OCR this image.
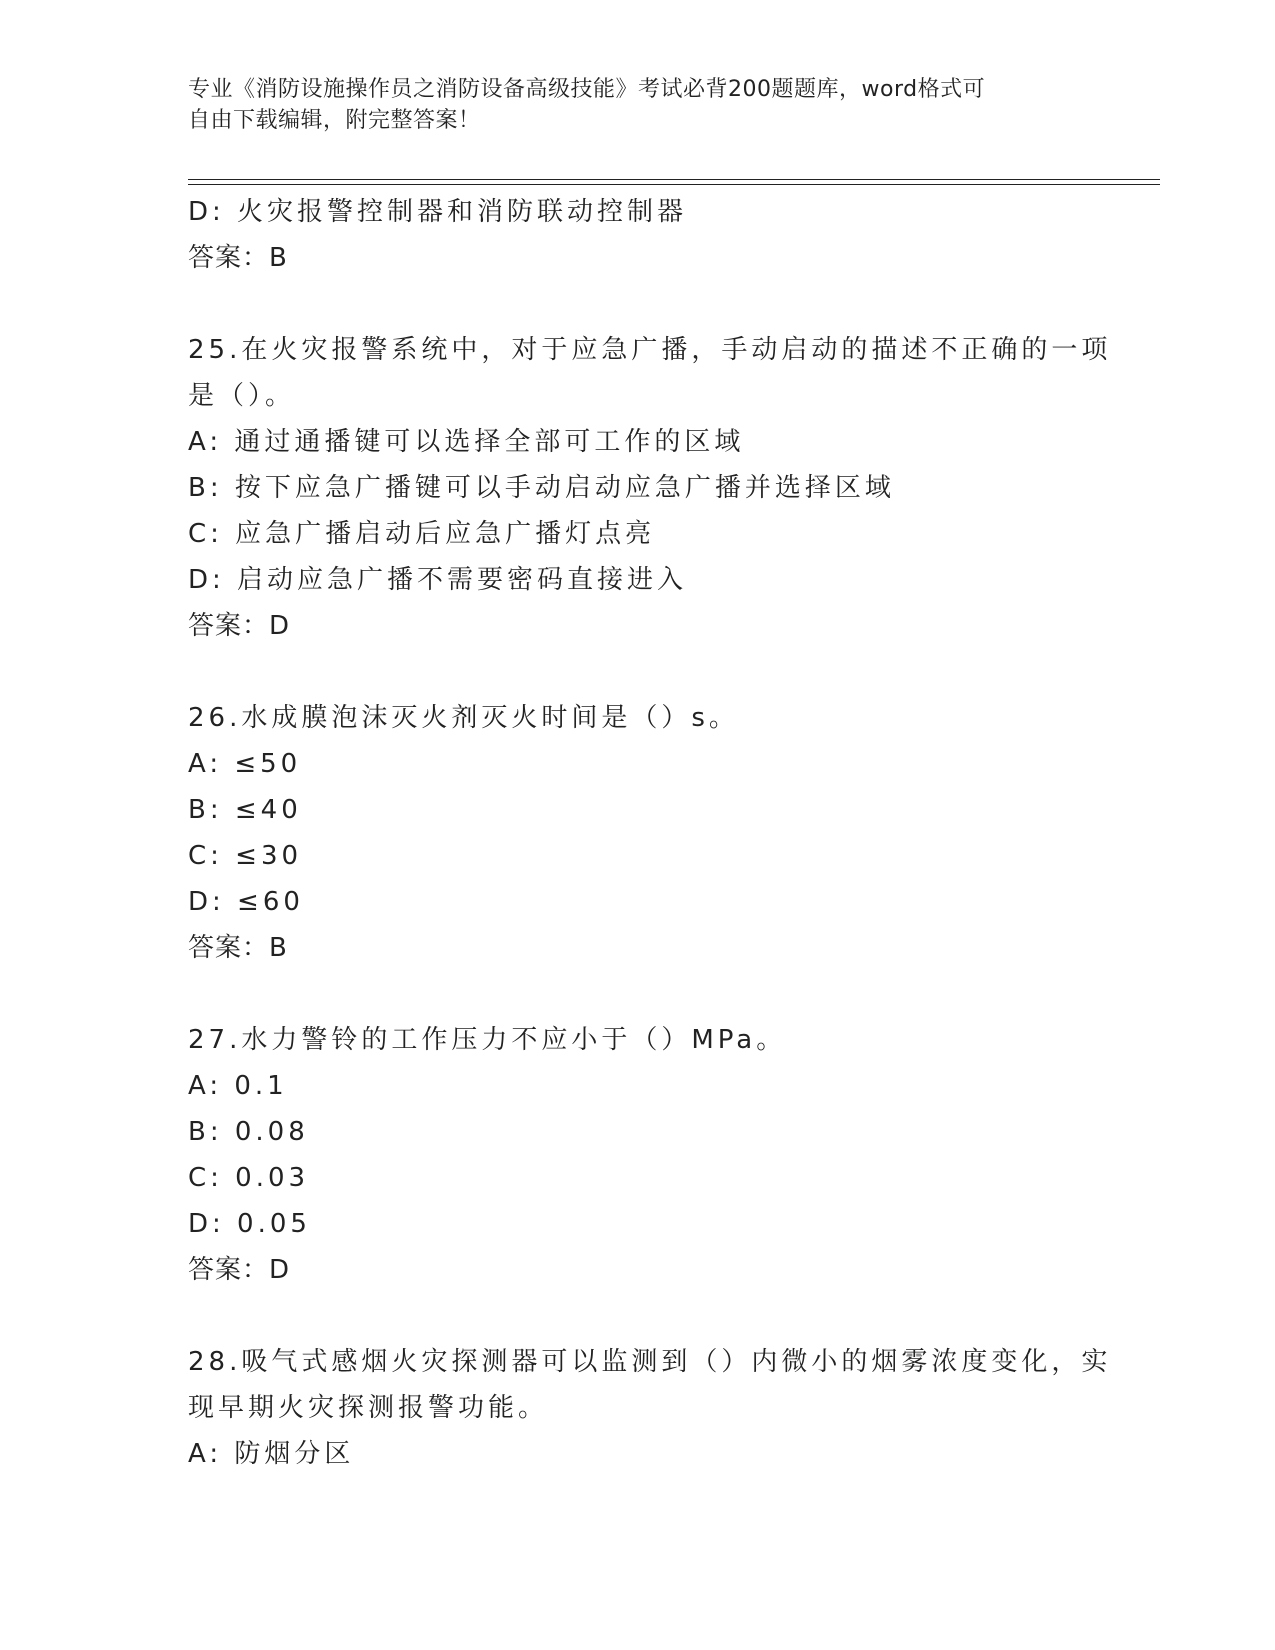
专业《消防设施操作员之消防设备高级技能》考试必背200题题库，word格式可
自由下载编辑，附完整答案！
D: 火灾报警控制器和消防联动控制器
答案：B
25.在火灾报警系统中，对于应急广播，手动启动的描述不正确的一项
是（）。
A: 通过通播键可以选择全部可工作的区域
B: 按下应急广播键可以手动启动应急广播并选择区域
C: 应急广播启动后应急广播灯点亮
D: 启动应急广播不需要密码直接进入
答案：D
26.水成膜泡沫灭火剂灭火时间是（）s。
A: ≤50
B: ≤40
C: ≤30
D: ≤60
答案：B
27.水力警铃的工作压力不应小于（）MPa。
A: 0.1
B: 0.08
C: 0.03
D: 0.05
答案：D
28.吸气式感烟火灾探测器可以监测到（）内微小的烟雾浓度变化，实
现早期火灾探测报警功能。
A: 防烟分区
